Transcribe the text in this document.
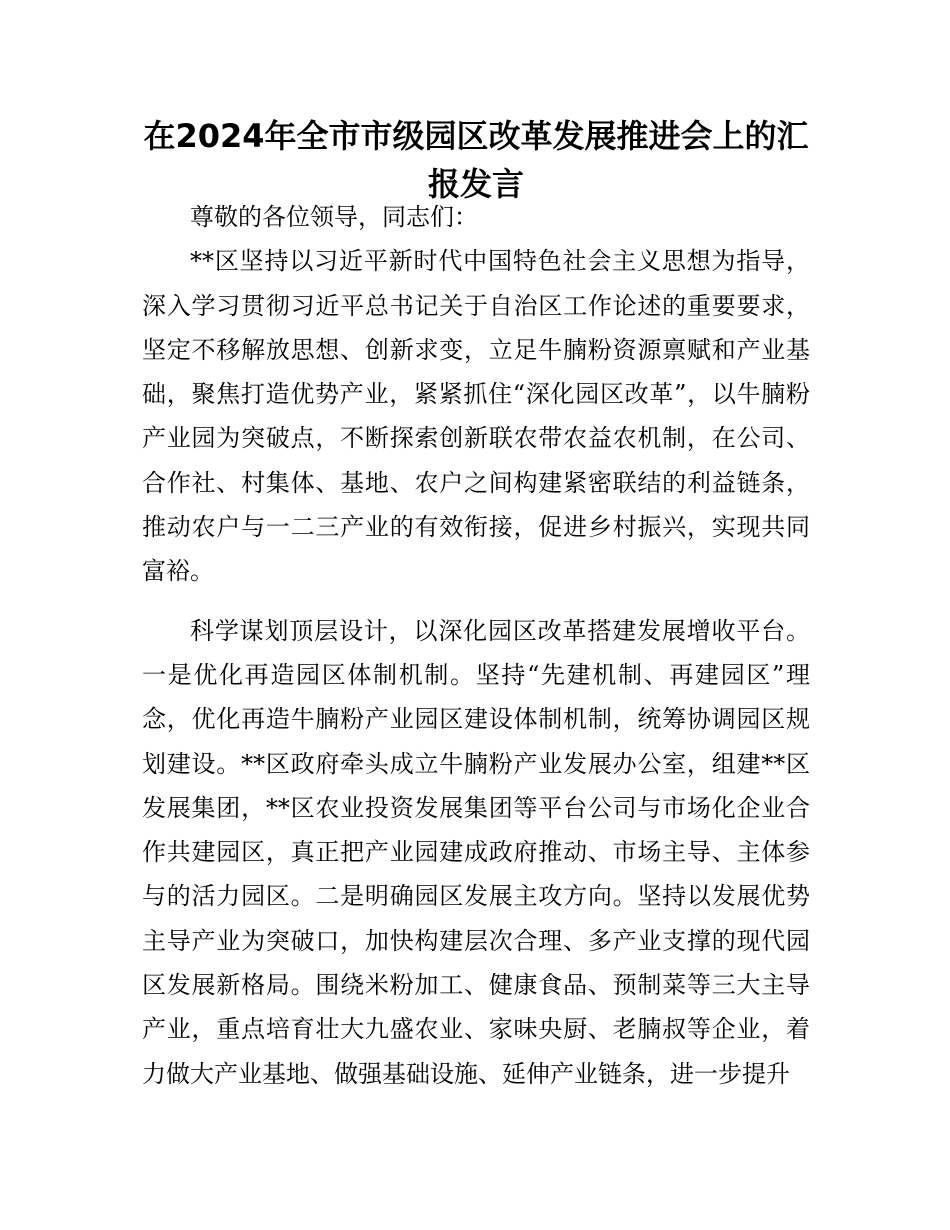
在2024年全市市级园区改革发展推进会上的汇报发言

尊敬的各位领导，同志们：

**区坚持以习近平新时代中国特色社会主义思想为指导，深入学习贯彻习近平总书记关于自治区工作论述的重要要求，坚定不移解放思想、创新求变，立足牛腩粉资源禀赋和产业基础，聚焦打造优势产业，紧紧抓住“深化园区改革”，以牛腩粉产业园为突破点，不断探索创新联农带农益农机制，在公司、合作社、村集体、基地、农户之间构建紧密联结的利益链条，推动农户与一二三产业的有效衔接，促进乡村振兴，实现共同富裕。

科学谋划顶层设计，以深化园区改革搭建发展增收平台。一是优化再造园区体制机制。坚持“先建机制、再建园区”理念，优化再造牛腩粉产业园区建设体制机制，统筹协调园区规划建设。**区政府牵头成立牛腩粉产业发展办公室，组建**区发展集团，**区农业投资发展集团等平台公司与市场化企业合作共建园区，真正把产业园建成政府推动、市场主导、主体参与的活力园区。二是明确园区发展主攻方向。坚持以发展优势主导产业为突破口，加快构建层次合理、多产业支撑的现代园区发展新格局。围绕米粉加工、健康食品、预制菜等三大主导产业，重点培育壮大九盛农业、家味央厨、老腩叔等企业，着力做大产业基地、做强基础设施、延伸产业链条，进一步提升
